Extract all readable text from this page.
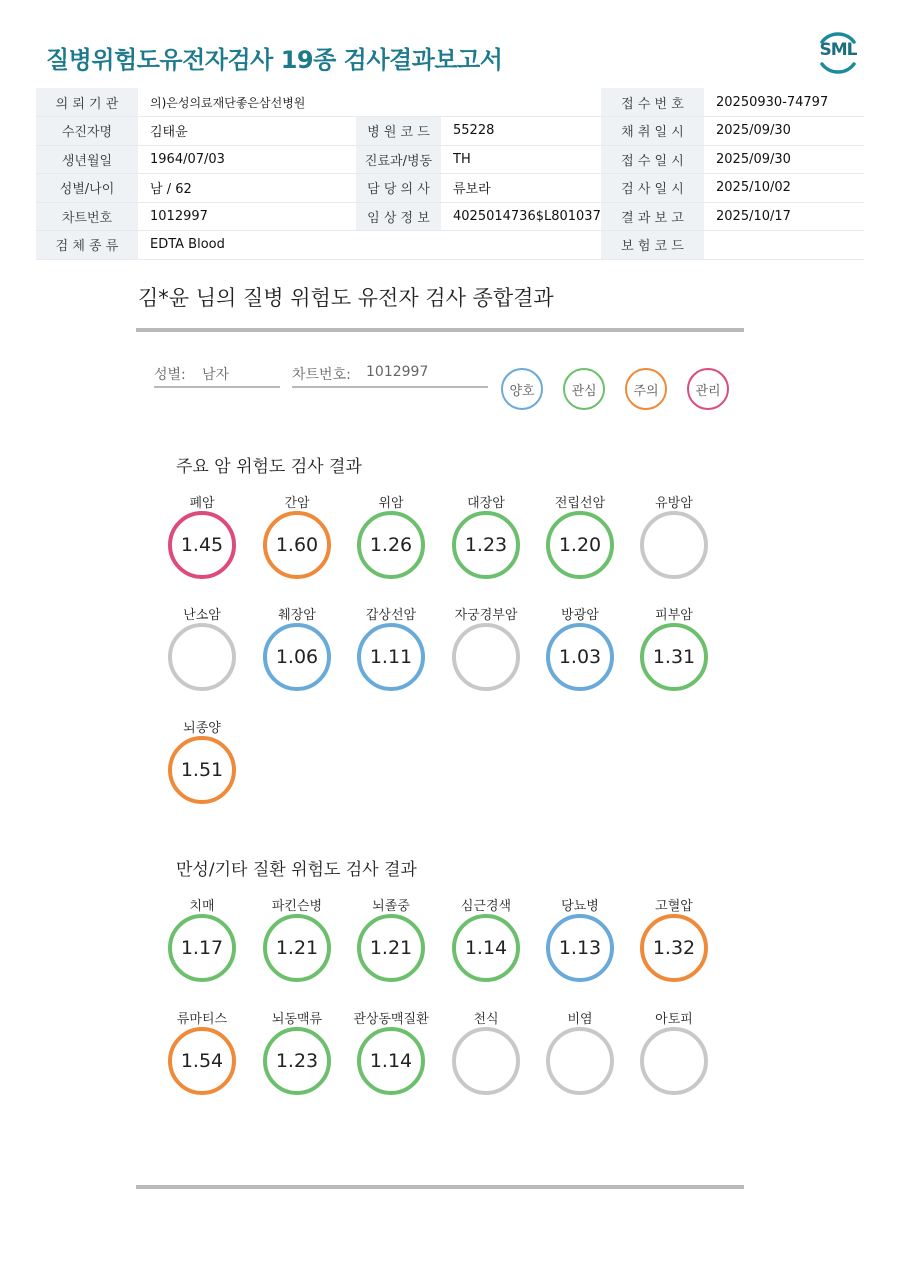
질병위험도유전자검사 19종 검사결과보고서	SML
의 뢰 기 관	의)은성의료재단좋은삼선병원			접 수 번 호	20250930-74797
수진자명	김태윤	병 원 코 드	55228	채 취 일 시	2025/09/30
생년월일	1964/07/03	진료과/병동	TH	접 수 일 시	2025/09/30
성별/나이	남 / 62	담 당 의 사	류보라	검 사 일 시	2025/10/02
차트번호	1012997	임 상 정 보	4025014736$L801037	결 과 보 고	2025/10/17
검 체 종 류	EDTA Blood			보 험 코 드	
김*윤 님의 질병 위험도 유전자 검사 종합결과
성별: 남자	차트번호: 1012997
양호	관심	주의	관리
주요 암 위험도 검사 결과
폐암
1.45
간암
1.60
위암
1.26
대장암
1.23
전립선암
1.20
유방암
난소암	췌장암
1.06
갑상선암
1.11
자궁경부암	방광암
1.03
피부암
1.31
뇌종양
1.51
만성/기타 질환 위험도 검사 결과
치매
1.17
파킨슨병
1.21
뇌졸중
1.21
심근경색
1.14
당뇨병
1.13
고혈압
1.32
류마티스
1.54
뇌동맥류
1.23
관상동맥질환
1.14
천식	비염	아토피
